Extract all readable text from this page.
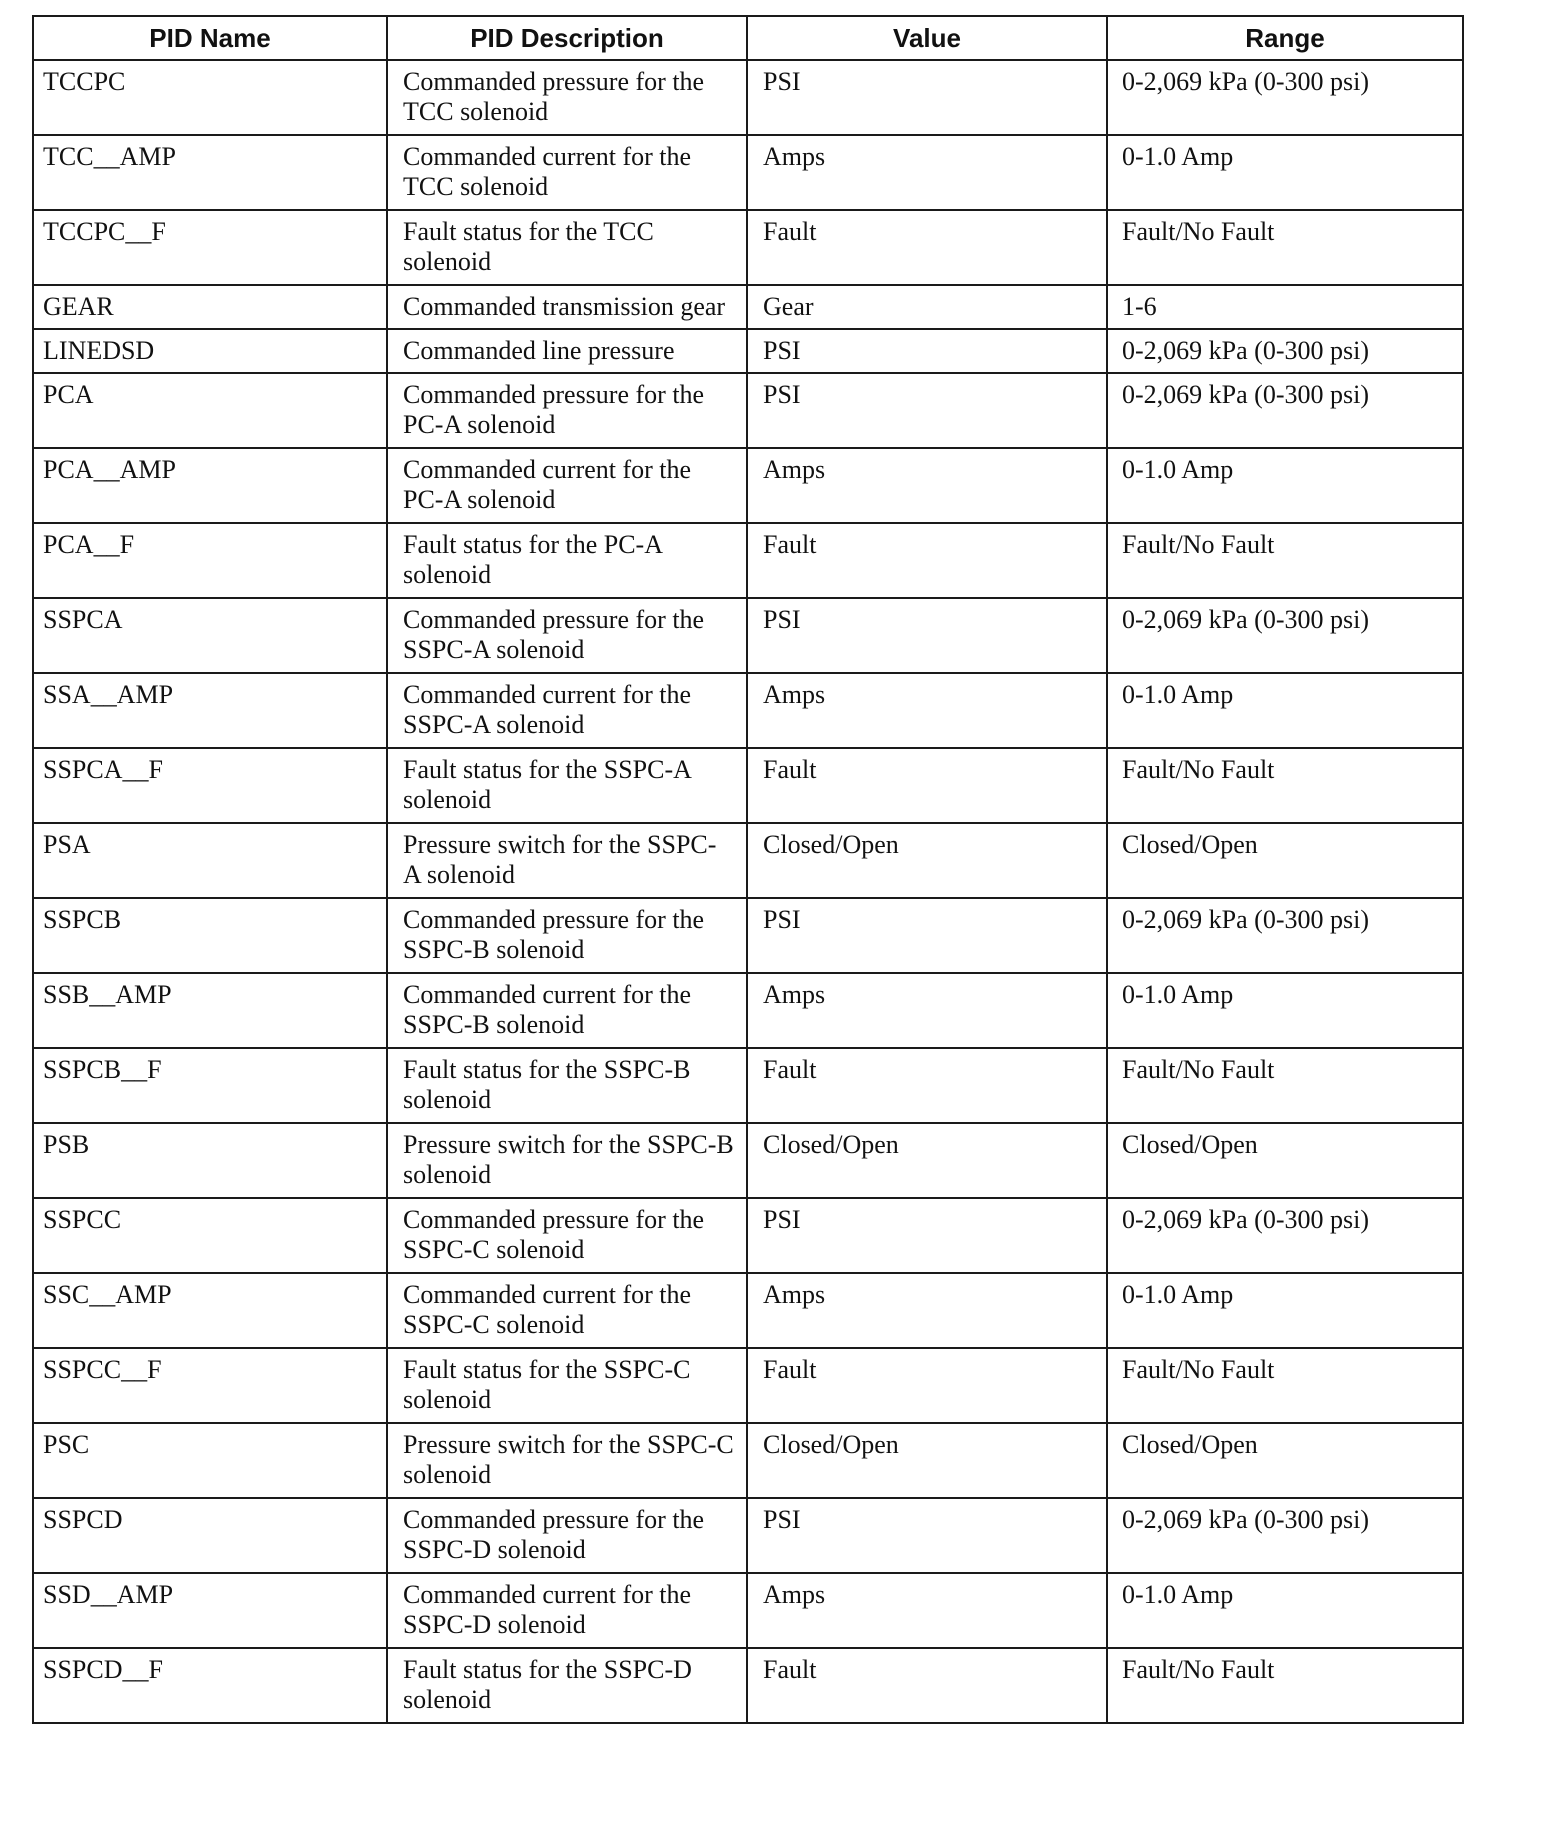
PID Name	PID Description	Value	Range
TCCPC	Commanded pressure for the TCC solenoid	PSI	0-2,069 kPa (0-300 psi)
TCC__AMP	Commanded current for the TCC solenoid	Amps	0-1.0 Amp
TCCPC__F	Fault status for the TCC solenoid	Fault	Fault/No Fault
GEAR	Commanded transmission gear	Gear	1-6
LINEDSD	Commanded line pressure	PSI	0-2,069 kPa (0-300 psi)
PCA	Commanded pressure for the PC-A solenoid	PSI	0-2,069 kPa (0-300 psi)
PCA__AMP	Commanded current for the PC-A solenoid	Amps	0-1.0 Amp
PCA__F	Fault status for the PC-A solenoid	Fault	Fault/No Fault
SSPCA	Commanded pressure for the SSPC-A solenoid	PSI	0-2,069 kPa (0-300 psi)
SSA__AMP	Commanded current for the SSPC-A solenoid	Amps	0-1.0 Amp
SSPCA__F	Fault status for the SSPC-A solenoid	Fault	Fault/No Fault
PSA	Pressure switch for the SSPC-A solenoid	Closed/Open	Closed/Open
SSPCB	Commanded pressure for the SSPC-B solenoid	PSI	0-2,069 kPa (0-300 psi)
SSB__AMP	Commanded current for the SSPC-B solenoid	Amps	0-1.0 Amp
SSPCB__F	Fault status for the SSPC-B solenoid	Fault	Fault/No Fault
PSB	Pressure switch for the SSPC-B solenoid	Closed/Open	Closed/Open
SSPCC	Commanded pressure for the SSPC-C solenoid	PSI	0-2,069 kPa (0-300 psi)
SSC__AMP	Commanded current for the SSPC-C solenoid	Amps	0-1.0 Amp
SSPCC__F	Fault status for the SSPC-C solenoid	Fault	Fault/No Fault
PSC	Pressure switch for the SSPC-C solenoid	Closed/Open	Closed/Open
SSPCD	Commanded pressure for the SSPC-D solenoid	PSI	0-2,069 kPa (0-300 psi)
SSD__AMP	Commanded current for the SSPC-D solenoid	Amps	0-1.0 Amp
SSPCD__F	Fault status for the SSPC-D solenoid	Fault	Fault/No Fault
